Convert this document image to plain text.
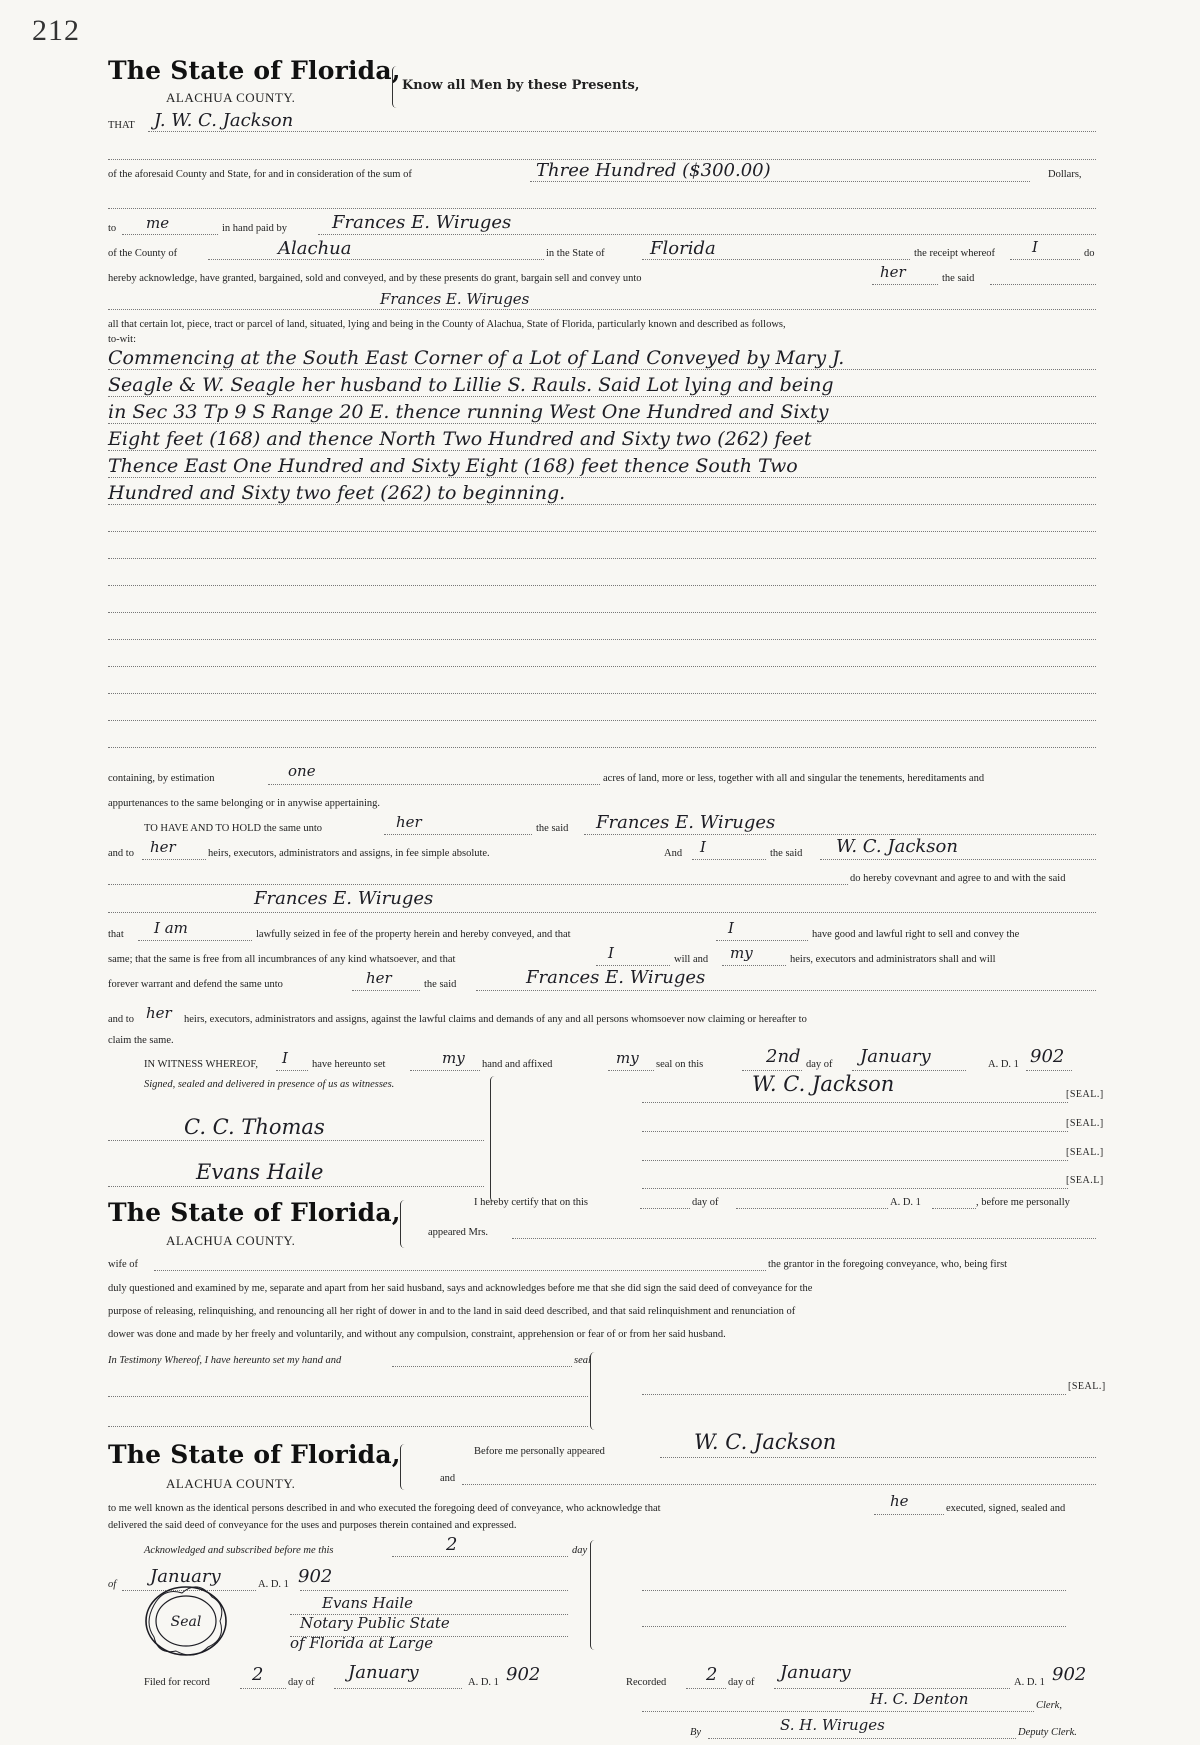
212
The State of Florida,
ALACHUA COUNTY.
Know all Men by these Presents,
THAT J. W. C. Jackson
of the aforesaid County and State, for and in consideration of the sum of	Three Hundred ($300.00)	Dollars,
to me	in hand paid by Frances E. Wiruges
of the County of	Alachua	in the State of	Florida	the receipt whereof I	do
hereby acknowledge, have granted, bargained, sold and conveyed, and by these presents do grant, bargain sell and convey unto	her	the said
Frances E. Wiruges
all that certain lot, piece, tract or parcel of land, situated, lying and being in the County of Alachua, State of Florida, particularly known and described as follows,
to-wit:
Commencing at the South East Corner of a Lot of Land Conveyed by Mary J.
Seagle & W. Seagle her husband to Lillie S. Rauls. Said Lot lying and being
in Sec 33 Tp 9 S Range 20 E. thence running West One Hundred and Sixty
Eight feet (168) and thence North Two Hundred and Sixty two (262) feet
Thence East One Hundred and Sixty Eight (168) feet thence South Two
Hundred and Sixty two feet (262) to beginning.
containing, by estimation	one	acres of land, more or less, together with all and singular the tenements, hereditaments and
appurtenances to the same belonging or in anywise appertaining.
TO HAVE AND TO HOLD the same unto	her	the said Frances E. Wiruges
and to her	heirs, executors, administrators and assigns, in fee simple absolute.	And I	the said W. C. Jackson
do hereby covevnant and agree to and with the said
Frances E. Wiruges
that I am	lawfully seized in fee of the property herein and hereby conveyed, and that	I	have good and lawful right to sell and convey the
same; that the same is free from all incumbrances of any kind whatsoever, and that	I	will and my	heirs, executors and administrators shall and will
forever warrant and defend the same unto	her	the said	Frances E. Wiruges
and to her heirs, executors, administrators and assigns, against the lawful claims and demands of any and all persons whomsoever now claiming or hereafter to
claim the same.
IN WITNESS WHEREOF, I have hereunto set	my hand and affixed	my seal on this	2nd day of January	A. D. 1 902
Signed, sealed and delivered in presence of us as witnesses.	W. C. Jackson	[SEAL.]
[SEAL.]
[SEAL.]
[SEA.L]
C. C. Thomas
Evans Haile
The State of Florida,
ALACHUA COUNTY.
I hereby certify that on this	day of	A. D. 1	, before me personally
appeared Mrs.
wife of	the grantor in the foregoing conveyance, who, being first
duly questioned and examined by me, separate and apart from her said husband, says and acknowledges before me that she did sign the said deed of conveyance for the
purpose of releasing, relinquishing, and renouncing all her right of dower in and to the land in said deed described, and that said relinquishment and renunciation of
dower was done and made by her freely and voluntarily, and without any compulsion, constraint, apprehension or fear of or from her said husband.
In Testimony Whereof, I have hereunto set my hand and	seal
[SEAL.]
The State of Florida,
ALACHUA COUNTY.
Before me personally appeared	W. C. Jackson
and
to me well known as the identical persons described in and who executed the foregoing deed of conveyance, who acknowledge that	he	executed, signed, sealed and
delivered the said deed of conveyance for the uses and purposes therein contained and expressed.
Acknowledged and subscribed before me this	2	day
of January	A. D. 1 902
Seal
Evans Haile
Notary Public State
of Florida at Large
Filed for record 2 day of January	A. D. 1 902	Recorded 2 day of January	A. D. 1 902
H. C. Denton	Clerk,
By	S. H. Wiruges	Deputy Clerk.
